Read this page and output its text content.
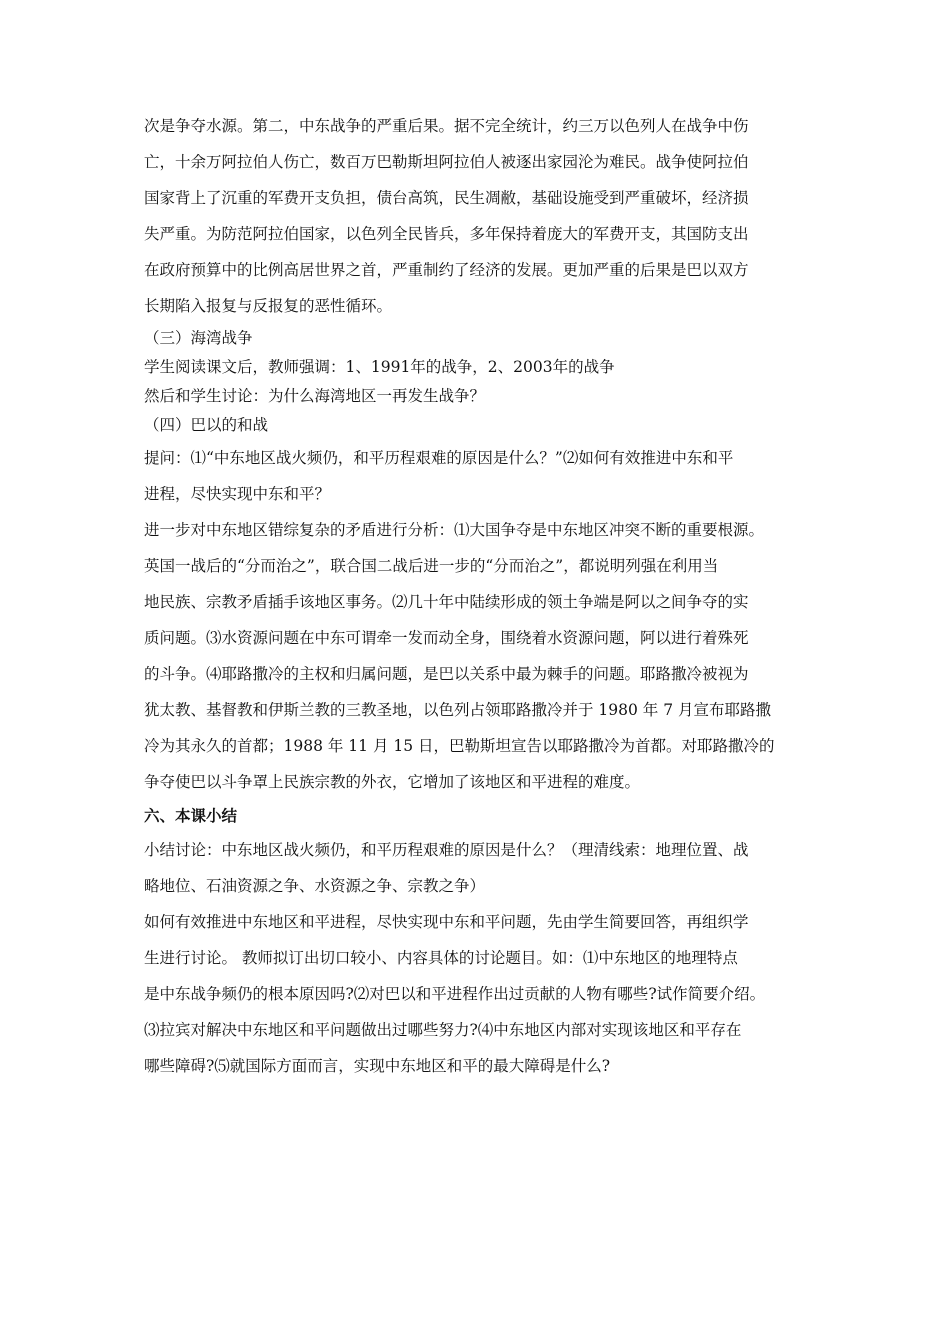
次是争夺水源。第二，中东战争的严重后果。据不完全统计，约三万以色列人在战争中伤

亡，十余万阿拉伯人伤亡，数百万巴勒斯坦阿拉伯人被逐出家园沦为难民。战争使阿拉伯

国家背上了沉重的军费开支负担，债台高筑，民生凋敝，基础设施受到严重破坏，经济损

失严重。为防范阿拉伯国家，以色列全民皆兵，多年保持着庞大的军费开支，其国防支出

在政府预算中的比例高居世界之首，严重制约了经济的发展。更加严重的后果是巴以双方

长期陷入报复与反报复的恶性循环。

（三）海湾战争

学生阅读课文后，教师强调：1、1991年的战争，2、2003年的战争

然后和学生讨论：为什么海湾地区一再发生战争？

（四）巴以的和战

提问：⑴“中东地区战火频仍，和平历程艰难的原因是什么？”⑵如何有效推进中东和平

进程，尽快实现中东和平？

进一步对中东地区错综复杂的矛盾进行分析：⑴大国争夺是中东地区冲突不断的重要根源。

英国一战后的“分而治之”，联合国二战后进一步的“分而治之”，都说明列强在利用当

地民族、宗教矛盾插手该地区事务。⑵几十年中陆续形成的领土争端是阿以之间争夺的实

质问题。⑶水资源问题在中东可谓牵一发而动全身，围绕着水资源问题，阿以进行着殊死

的斗争。⑷耶路撒冷的主权和归属问题，是巴以关系中最为棘手的问题。耶路撒冷被视为

犹太教、基督教和伊斯兰教的三教圣地，以色列占领耶路撒冷并于 1980 年 7 月宣布耶路撒

冷为其永久的首都；1988 年 11 月 15 日，巴勒斯坦宣告以耶路撒冷为首都。对耶路撒冷的

争夺使巴以斗争罩上民族宗教的外衣，它增加了该地区和平进程的难度。

六、本课小结

小结讨论：中东地区战火频仍，和平历程艰难的原因是什么？（理清线索：地理位置、战

略地位、石油资源之争、水资源之争、宗教之争）

如何有效推进中东地区和平进程，尽快实现中东和平问题，先由学生简要回答，再组织学

生进行讨论。 教师拟订出切口较小、内容具体的讨论题目。如：⑴中东地区的地理特点

是中东战争频仍的根本原因吗?⑵对巴以和平进程作出过贡献的人物有哪些?试作简要介绍。

⑶拉宾对解决中东地区和平问题做出过哪些努力?⑷中东地区内部对实现该地区和平存在

哪些障碍?⑸就国际方面而言，实现中东地区和平的最大障碍是什么?
